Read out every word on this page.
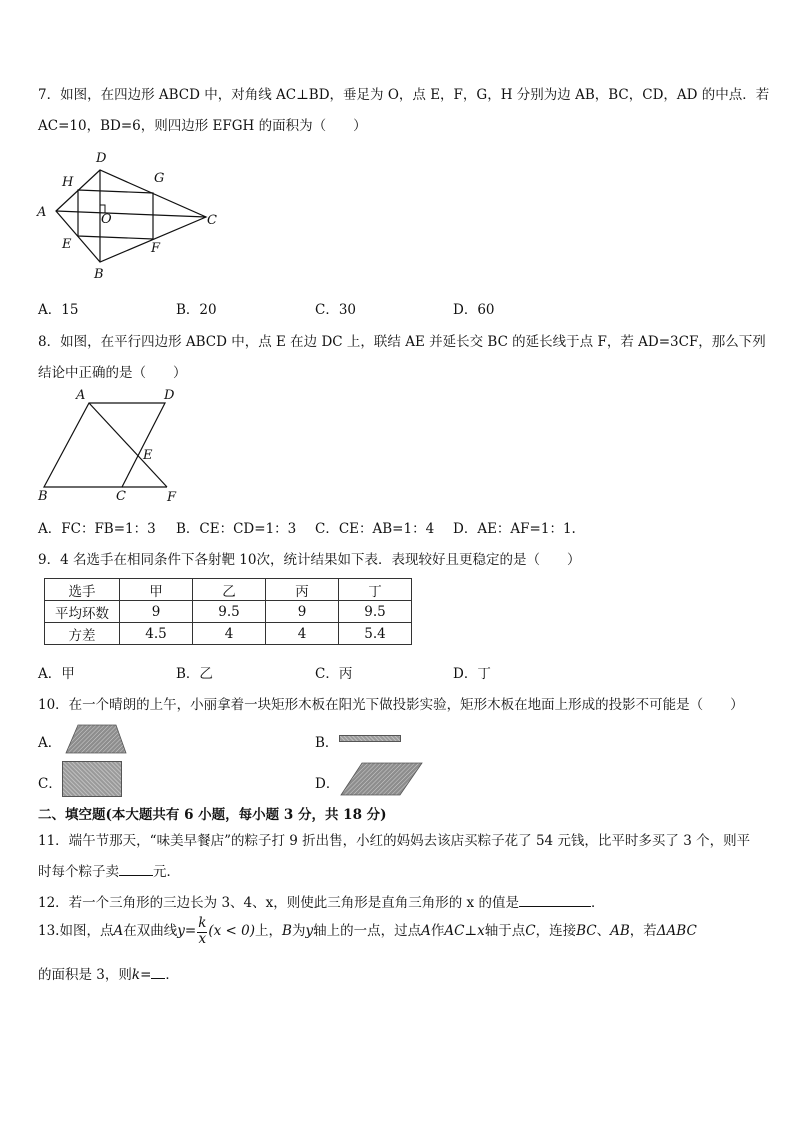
7．如图，在四边形 ABCD 中，对角线 AC⊥BD，垂足为 O，点 E，F，G，H 分别为边 AB，BC，CD，AD 的中点．若
AC=10，BD=6，则四边形 EFGH 的面积为（　　）
A
D
C
B
H	G
E	F
O
A．15	B．20	C．30	D．60
8．如图，在平行四边形 ABCD 中，点 E 在边 DC 上，联结 AE 并延长交 BC 的延长线于点 F，若 AD=3CF，那么下列
结论中正确的是（　　）
A	D
B	C	F
E
A．FC：FB=1：3 B．CE：CD=1：3 C．CE：AB=1：4 D．AE：AF=1：1.
9．4 名选手在相同条件下各射靶 10次，统计结果如下表．表现较好且更稳定的是（　　）
选手	甲	乙	丙	丁
平均环数	9	9.5	9	9.5
方差	4.5	4	4	5.4
A．甲	B．乙	C．丙	D．丁
10．在一个晴朗的上午，小丽拿着一块矩形木板在阳光下做投影实验，矩形木板在地面上形成的投影不可能是（　　）
A．	B．
C．	D．
二、填空题(本大题共有 6 小题，每小题 3 分，共 18 分)
11．端午节那天，“味美早餐店”的粽子打 9 折出售，小红的妈妈去该店买粽子花了 54 元钱，比平时多买了 3 个，则平
时每个粽子卖	元．
12．若一个三角形的三边长为 3、4、x，则使此三角形是直角三角形的 x 的值是	．
13.如图，点A在双曲线$y= \frac{k}{x} (x < 0)$上，B为y轴上的一点，过点A作AC⊥x轴于点C，连接BC、AB，若ΔABC
的面积是 3，则k= ．
